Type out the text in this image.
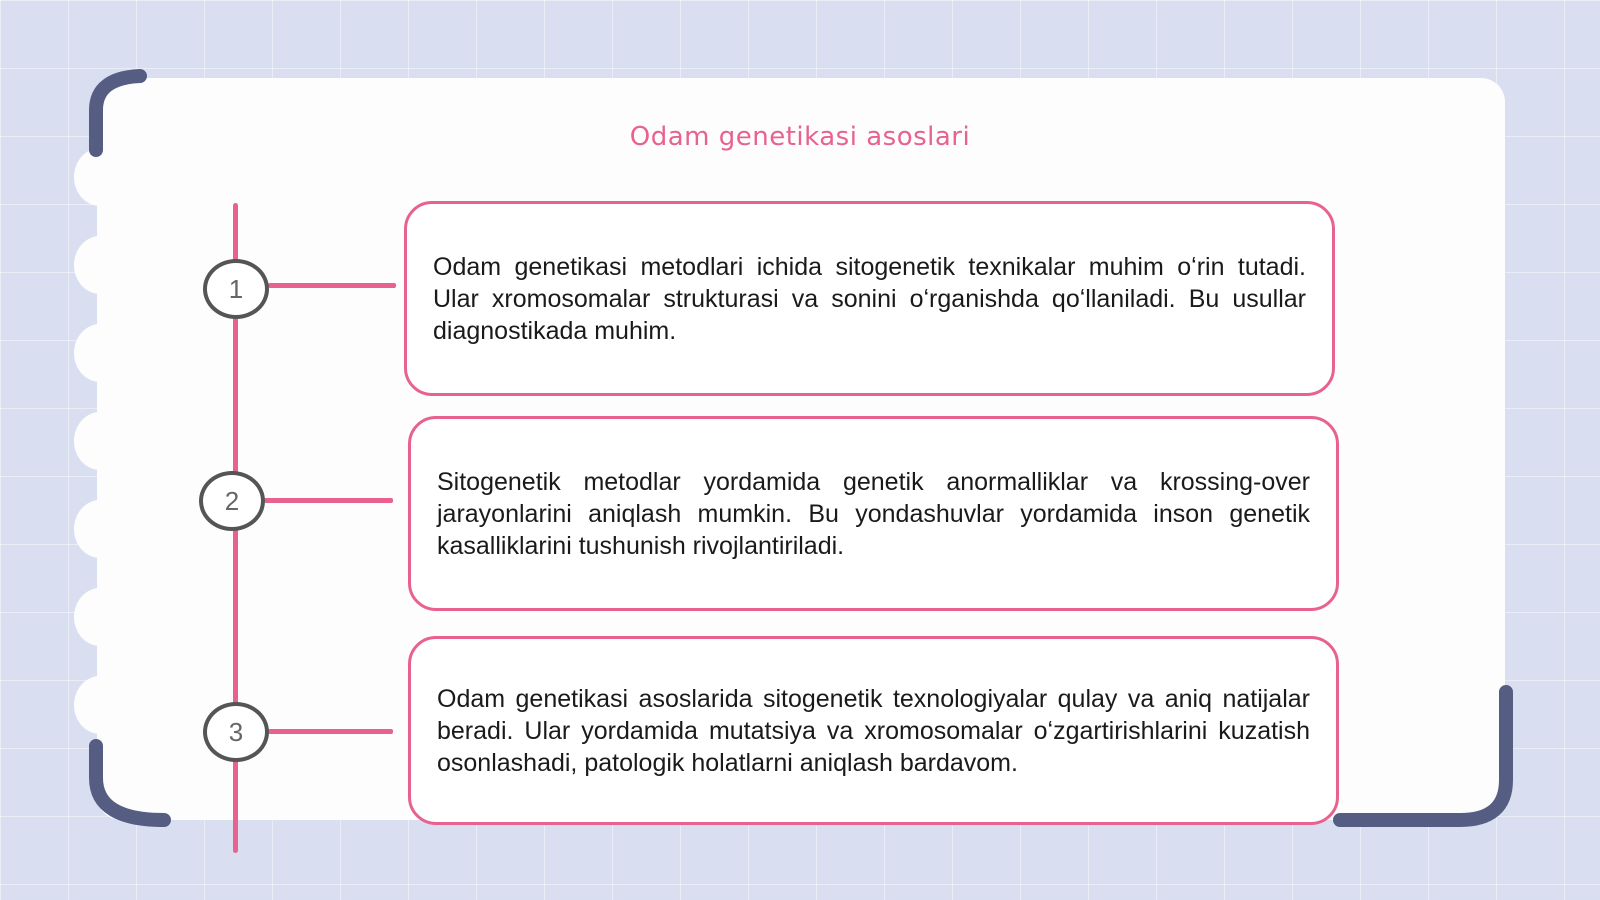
Odam genetikasi asoslari
1

Odam genetikasi metodlari ichida sitogenetik texnikalar muhim oʻrin tutadi. Ular xromosomalar strukturasi va sonini oʻrganishda qoʻllaniladi. Bu usullar diagnostikada muhim.

2

Sitogenetik metodlar yordamida genetik anormalliklar va krossing-over jarayonlarini aniqlash mumkin. Bu yondashuvlar yordamida inson genetik kasalliklarini tushunish rivojlantiriladi.

3

Odam genetikasi asoslarida sitogenetik texnologiyalar qulay va aniq natijalar beradi. Ular yordamida mutatsiya va xromosomalar oʻzgartirishlarini kuzatish osonlashadi, patologik holatlarni aniqlash bardavom.
